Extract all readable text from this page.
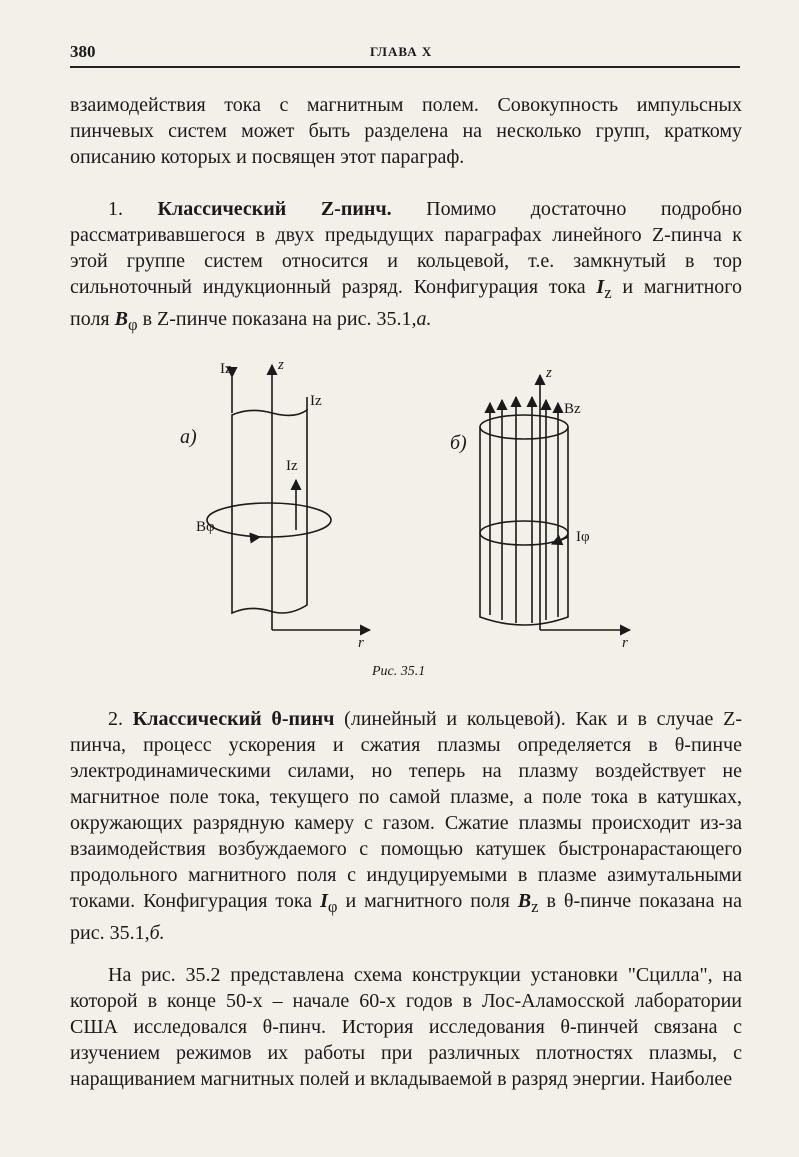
380	ГЛАВА X

взаимодействия тока с магнитным полем. Совокупность импульсных пинчевых систем может быть разделена на несколько групп, краткому описанию которых и посвящен этот параграф.

1. Классический Z-пинч. Помимо достаточно подробно рассматривавшегося в двух предыдущих параграфах линейного Z-пинча к этой группе систем относится и кольцевой, т.е. замкнутый в тор сильноточный индукционный разряд. Конфигурация тока $I_z$ и магнитного поля $B_\varphi$ в Z-пинче показана на рис. 35.1,а.

z
r
Iz
Iz
Iz
Bφ
а)
z
r
Bz
Iφ
б)
Рис. 35.1

2. Классический θ-пинч (линейный и кольцевой). Как и в случае Z-пинча, процесс ускорения и сжатия плазмы определяется в θ-пинче электродинамическими силами, но теперь на плазму воздействует не магнитное поле тока, текущего по самой плазме, а поле тока в катушках, окружающих разрядную камеру с газом. Сжатие плазмы происходит из-за взаимодействия возбуждаемого с помощью катушек быстронарастающего продольного магнитного поля с индуцируемыми в плазме азимутальными токами. Конфигурация тока $I_\varphi$ и магнитного поля $B_z$ в θ-пинче показана на рис. 35.1,б.

На рис. 35.2 представлена схема конструкции установки "Сцилла", на которой в конце 50-х – начале 60-х годов в Лос-Аламосской лаборатории США исследовался θ-пинч. История исследования θ-пинчей связана с изучением режимов их работы при различных плотностях плазмы, с наращиванием магнитных полей и вкладываемой в разряд энергии. Наиболее
